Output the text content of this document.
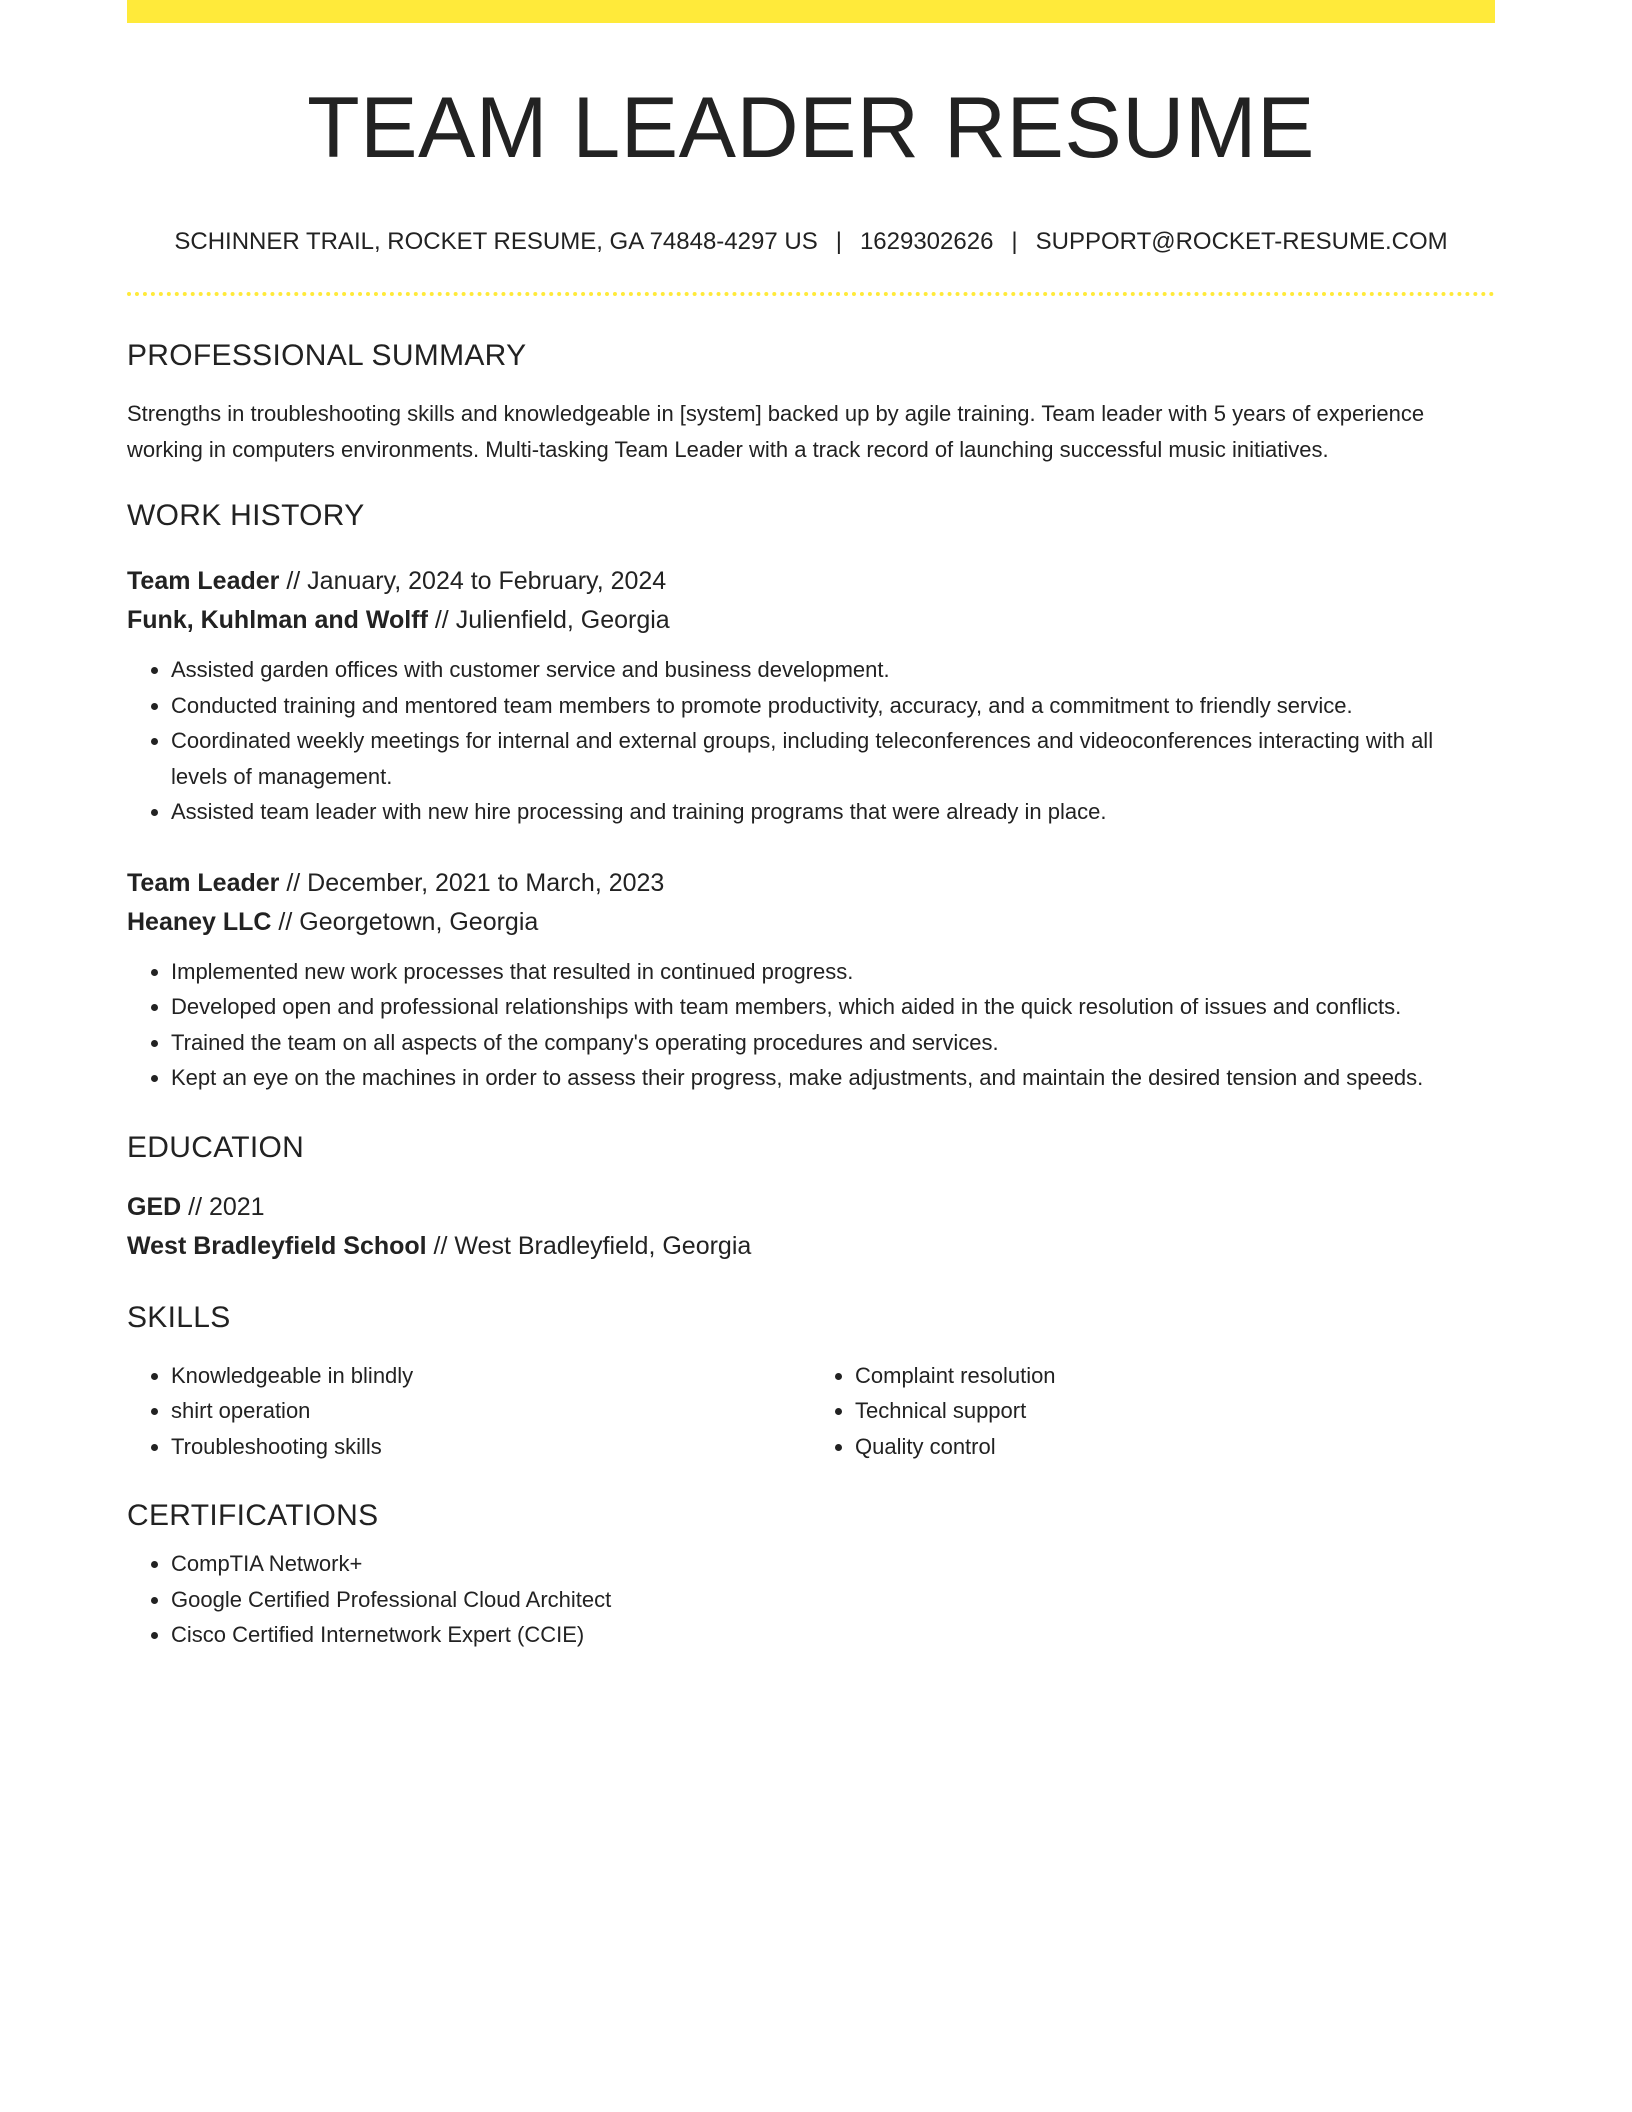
TEAM LEADER RESUME
SCHINNER TRAIL, ROCKET RESUME, GA 74848-4297 US | 1629302626 | SUPPORT@ROCKET-RESUME.COM
PROFESSIONAL SUMMARY

Strengths in troubleshooting skills and knowledgeable in [system] backed up by agile training. Team leader with 5 years of experience working in computers environments. Multi-tasking Team Leader with a track record of launching successful music initiatives.

WORK HISTORY

Team Leader // January, 2024 to February, 2024

Funk, Kuhlman and Wolff // Julienfield, Georgia

• Assisted garden offices with customer service and business development.
• Conducted training and mentored team members to promote productivity, accuracy, and a commitment to friendly service.
• Coordinated weekly meetings for internal and external groups, including teleconferences and videoconferences interacting with all levels of management.
• Assisted team leader with new hire processing and training programs that were already in place.

Team Leader // December, 2021 to March, 2023

Heaney LLC // Georgetown, Georgia

• Implemented new work processes that resulted in continued progress.
• Developed open and professional relationships with team members, which aided in the quick resolution of issues and conflicts.
• Trained the team on all aspects of the company's operating procedures and services.
• Kept an eye on the machines in order to assess their progress, make adjustments, and maintain the desired tension and speeds.
EDUCATION

GED // 2021

West Bradleyfield School // West Bradleyfield, Georgia

SKILLS
• Knowledgeable in blindly
• shirt operation
• Troubleshooting skills
• Complaint resolution
• Technical support
• Quality control
CERTIFICATIONS
• CompTIA Network+
• Google Certified Professional Cloud Architect
• Cisco Certified Internetwork Expert (CCIE)
